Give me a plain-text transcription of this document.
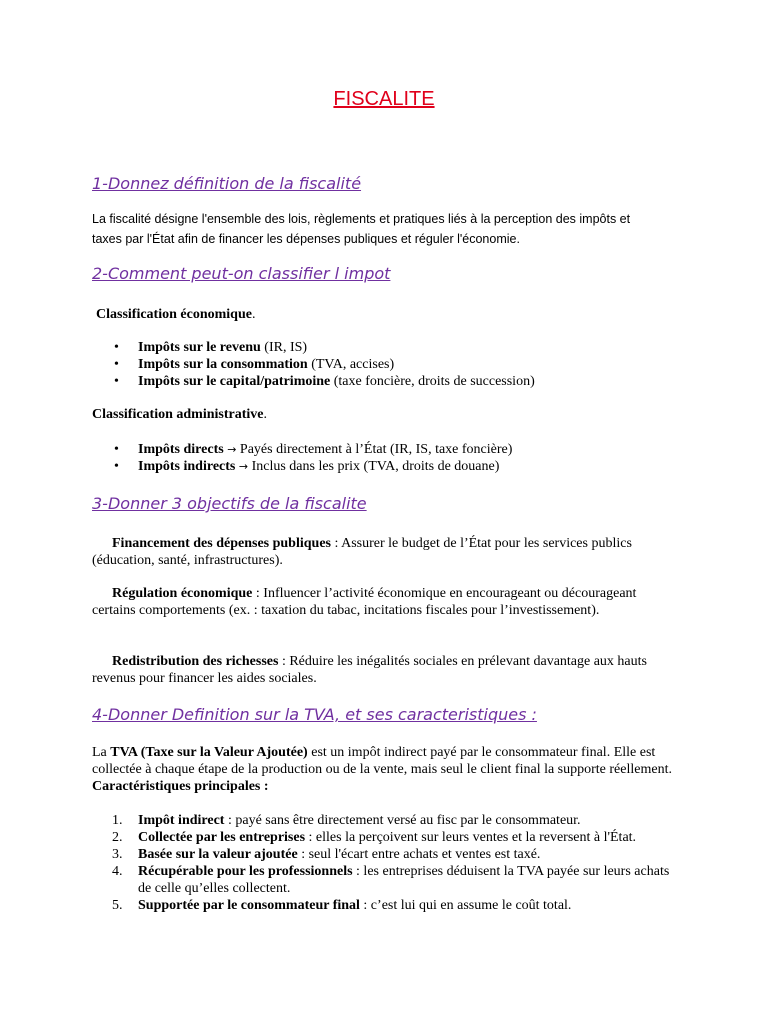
FISCALITE
1-Donnez définition de la fiscalité

La fiscalité désigne l'ensemble des lois, règlements et pratiques liés à la perception des impôts et taxes par l'État afin de financer les dépenses publiques et réguler l'économie.

2-Comment peut-on classifier l impot

Classification économique.

• Impôts sur le revenu (IR, IS)
• Impôts sur la consommation (TVA, accises)
• Impôts sur le capital/patrimoine (taxe foncière, droits de succession)

Classification administrative.

• Impôts directs → Payés directement à l’État (IR, IS, taxe foncière)
• Impôts indirects → Inclus dans les prix (TVA, droits de douane)
3-Donner 3 objectifs de la fiscalite

Financement des dépenses publiques : Assurer le budget de l’État pour les services publics (éducation, santé, infrastructures).

Régulation économique : Influencer l’activité économique en encourageant ou décourageant certains comportements (ex. : taxation du tabac, incitations fiscales pour l’investissement).

Redistribution des richesses : Réduire les inégalités sociales en prélevant davantage aux hauts revenus pour financer les aides sociales.

4-Donner Definition sur la TVA, et ses caracteristiques :

La TVA (Taxe sur la Valeur Ajoutée) est un impôt indirect payé par le consommateur final. Elle est collectée à chaque étape de la production ou de la vente, mais seul le client final la supporte réellement. Caractéristiques principales :

1. Impôt indirect : payé sans être directement versé au fisc par le consommateur.
2. Collectée par les entreprises : elles la perçoivent sur leurs ventes et la reversent à l'État.
3. Basée sur la valeur ajoutée : seul l'écart entre achats et ventes est taxé.
4. Récupérable pour les professionnels : les entreprises déduisent la TVA payée sur leurs achats de celle qu’elles collectent.
5. Supportée par le consommateur final : c’est lui qui en assume le coût total.
